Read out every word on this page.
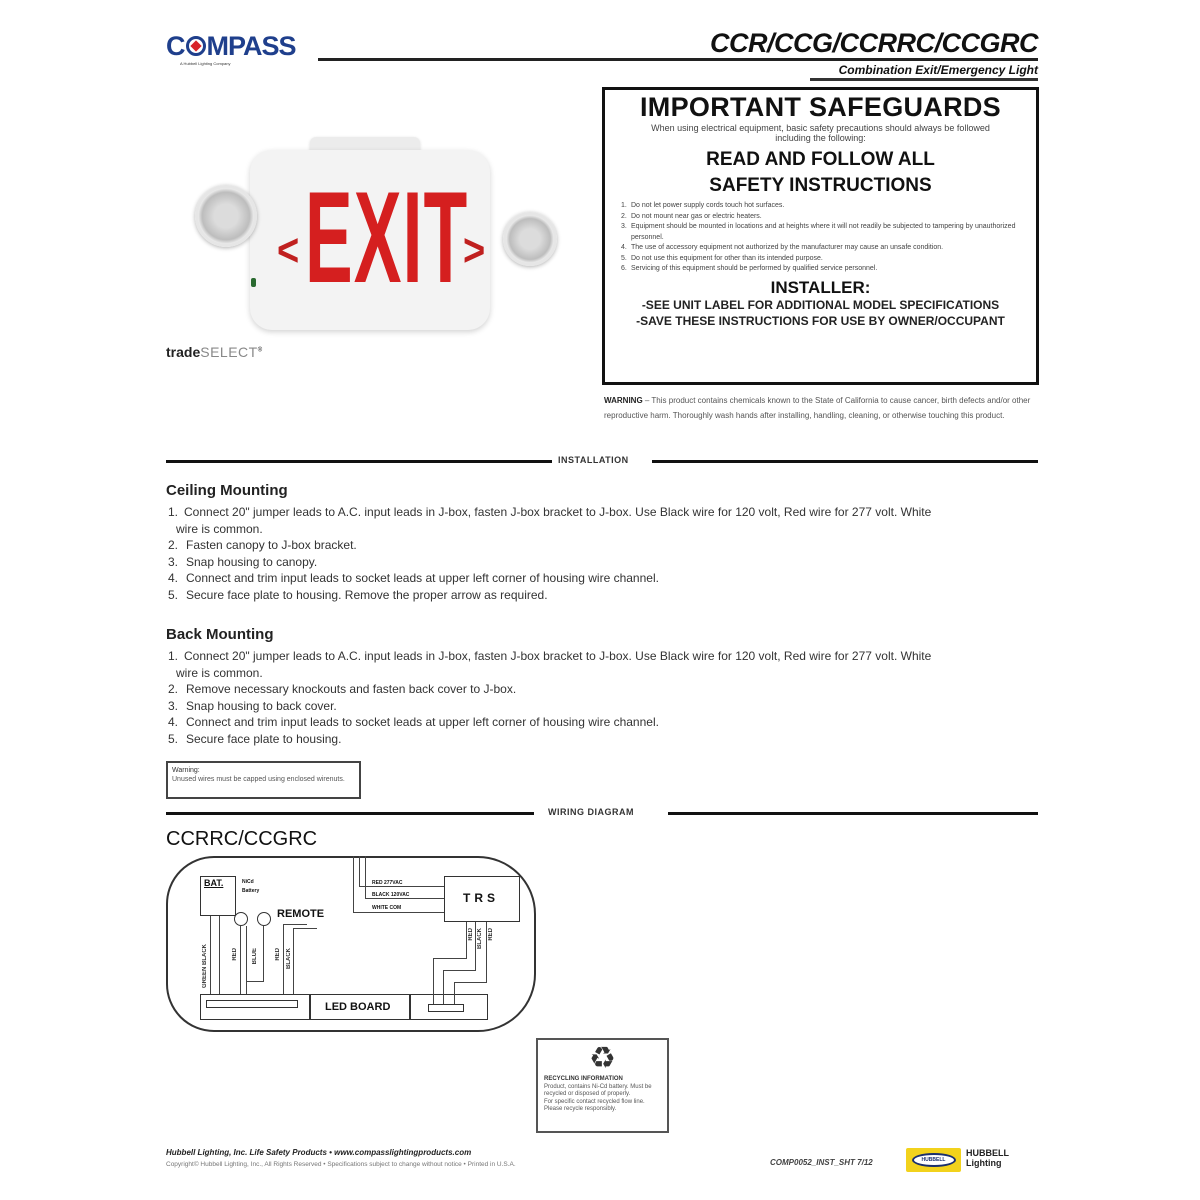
C MPASS
A Hubbell Lighting Company
CCR/CCG/CCRRC/CCGRC
Combination Exit/Emergency Light
< EXIT
>
tradeSELECT®
IMPORTANT SAFEGUARDS
When using electrical equipment, basic safety precautions should always be followed including the following:
READ AND FOLLOW ALL SAFETY INSTRUCTIONS
1. Do not let power supply cords touch hot surfaces.
2. Do not mount near gas or electric heaters.
3. Equipment should be mounted in locations and at heights where it will not readily be subjected to tampering by unauthorized personnel.
4. The use of accessory equipment not authorized by the manufacturer may cause an unsafe condition.
5. Do not use this equipment for other than its intended purpose.
6. Servicing of this equipment should be performed by qualified service personnel.
INSTALLER:
-SEE UNIT LABEL FOR ADDITIONAL MODEL SPECIFICATIONS
-SAVE THESE INSTRUCTIONS FOR USE BY OWNER/OCCUPANT
WARNING – This product contains chemicals known to the State of California to cause cancer, birth defects and/or other reproductive harm. Thoroughly wash hands after installing, handling, cleaning, or otherwise touching this product.
INSTALLATION
Ceiling Mounting
1. Connect 20" jumper leads to A.C. input leads in J-box, fasten J-box bracket to J-box. Use Black wire for 120 volt, Red wire for 277 volt. White
wire is common.
2. Fasten canopy to J-box bracket.
3. Snap housing to canopy.
4. Connect and trim input leads to socket leads at upper left corner of housing wire channel.
5. Secure face plate to housing. Remove the proper arrow as required.
Back Mounting
1. Connect 20" jumper leads to A.C. input leads in J-box, fasten J-box bracket to J-box. Use Black wire for 120 volt, Red wire for 277 volt. White
wire is common.
2. Remove necessary knockouts and fasten back cover to J-box.
3. Snap housing to back cover.
4. Connect and trim input leads to socket leads at upper left corner of housing wire channel.
5. Secure face plate to housing.
Warning:
Unused wires must be capped using enclosed wirenuts.
WIRING DIAGRAM
CCRRC/CCGRC
BAT.	NiCd Battery
REMOTE
GREEN BLACK	RED BLUE	RED BLACK
LED BOARD
TRS
RED 277VAC
BLACK 120VAC
WHITE COM
RED BLACK RED
♻
RECYCLING INFORMATION
Product, contains Ni-Cd battery. Must be recycled or disposed of properly.
For specific contact recycled flow line.
Please recycle responsibly.
Hubbell Lighting, Inc. Life Safety Products • www.compasslightingproducts.com
Copyright© Hubbell Lighting, Inc., All Rights Reserved • Specifications subject to change without notice • Printed in U.S.A.	COMP0052_INST_SHT 7/12	HUBBELL
HUBBELL
Lighting
